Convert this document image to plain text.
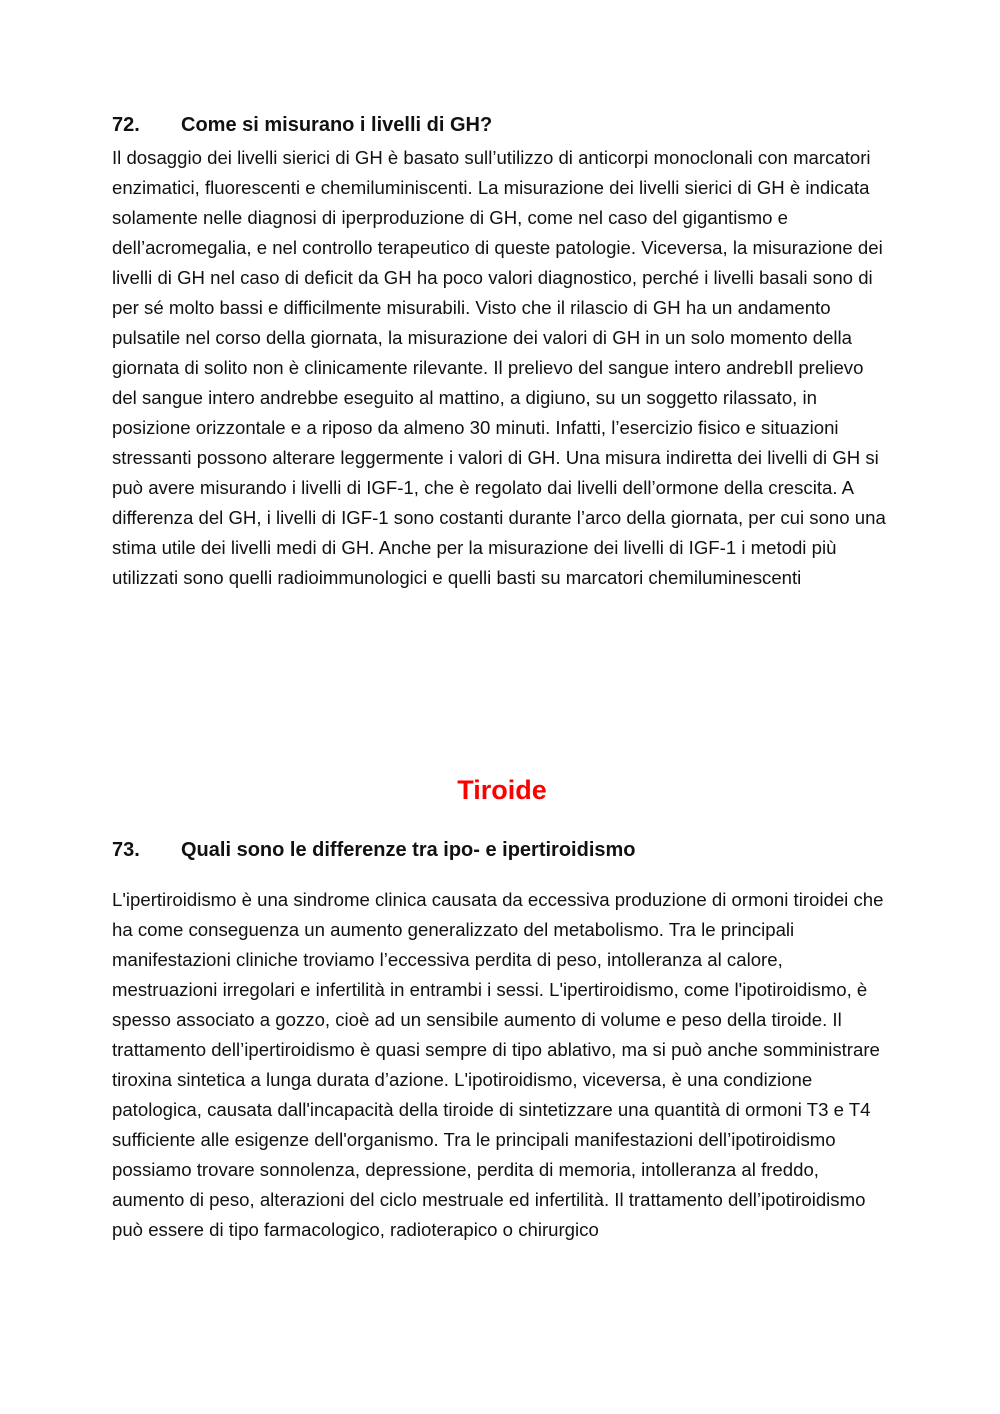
72.	Come si misurano i livelli di GH?

Il dosaggio dei livelli sierici di GH è basato sull’utilizzo di anticorpi monoclonali con marcatori enzimatici, fluorescenti e chemiluminiscenti. La misurazione dei livelli sierici di GH è indicata solamente nelle diagnosi di iperproduzione di GH, come nel caso del gigantismo e dell’acromegalia, e nel controllo terapeutico di queste patologie. Viceversa, la misurazione dei livelli di GH nel caso di deficit da GH ha poco valori diagnostico, perché i livelli basali sono di per sé molto bassi e difficilmente misurabili. Visto che il rilascio di GH ha un andamento pulsatile nel corso della giornata, la misurazione dei valori di GH in un solo momento della giornata di solito non è clinicamente rilevante. Il prelievo del sangue intero andrebIl prelievo del sangue intero andrebbe eseguito al mattino, a digiuno, su un soggetto rilassato, in posizione orizzontale e a riposo da almeno 30 minuti. Infatti, l’esercizio fisico e situazioni stressanti possono alterare leggermente i valori di GH. Una misura indiretta dei livelli di GH si può avere misurando i livelli di IGF-1, che è regolato dai livelli dell’ormone della crescita. A differenza del GH, i livelli di IGF-1 sono costanti durante l’arco della giornata, per cui sono una stima utile dei livelli medi di GH. Anche per la misurazione dei livelli di IGF-1 i metodi più utilizzati sono quelli radioimmunologici e quelli basti su marcatori chemiluminescenti

Tiroide
73.	Quali sono le differenze tra ipo- e ipertiroidismo

L'ipertiroidismo è una sindrome clinica causata da eccessiva produzione di ormoni tiroidei che ha come conseguenza un aumento generalizzato del metabolismo. Tra le principali manifestazioni cliniche troviamo l’eccessiva perdita di peso, intolleranza al calore, mestruazioni irregolari e infertilità in entrambi i sessi. L'ipertiroidismo, come l'ipotiroidismo, è spesso associato a gozzo, cioè ad un sensibile aumento di volume e peso della tiroide. Il trattamento dell’ipertiroidismo è quasi sempre di tipo ablativo, ma si può anche somministrare tiroxina sintetica a lunga durata d’azione. L'ipotiroidismo, viceversa, è una condizione patologica, causata dall'incapacità della tiroide di sintetizzare una quantità di ormoni T3 e T4 sufficiente alle esigenze dell'organismo. Tra le principali manifestazioni dell’ipotiroidismo possiamo trovare sonnolenza, depressione, perdita di memoria, intolleranza al freddo, aumento di peso, alterazioni del ciclo mestruale ed infertilità. Il trattamento dell’ipotiroidismo può essere di tipo farmacologico, radioterapico o chirurgico
